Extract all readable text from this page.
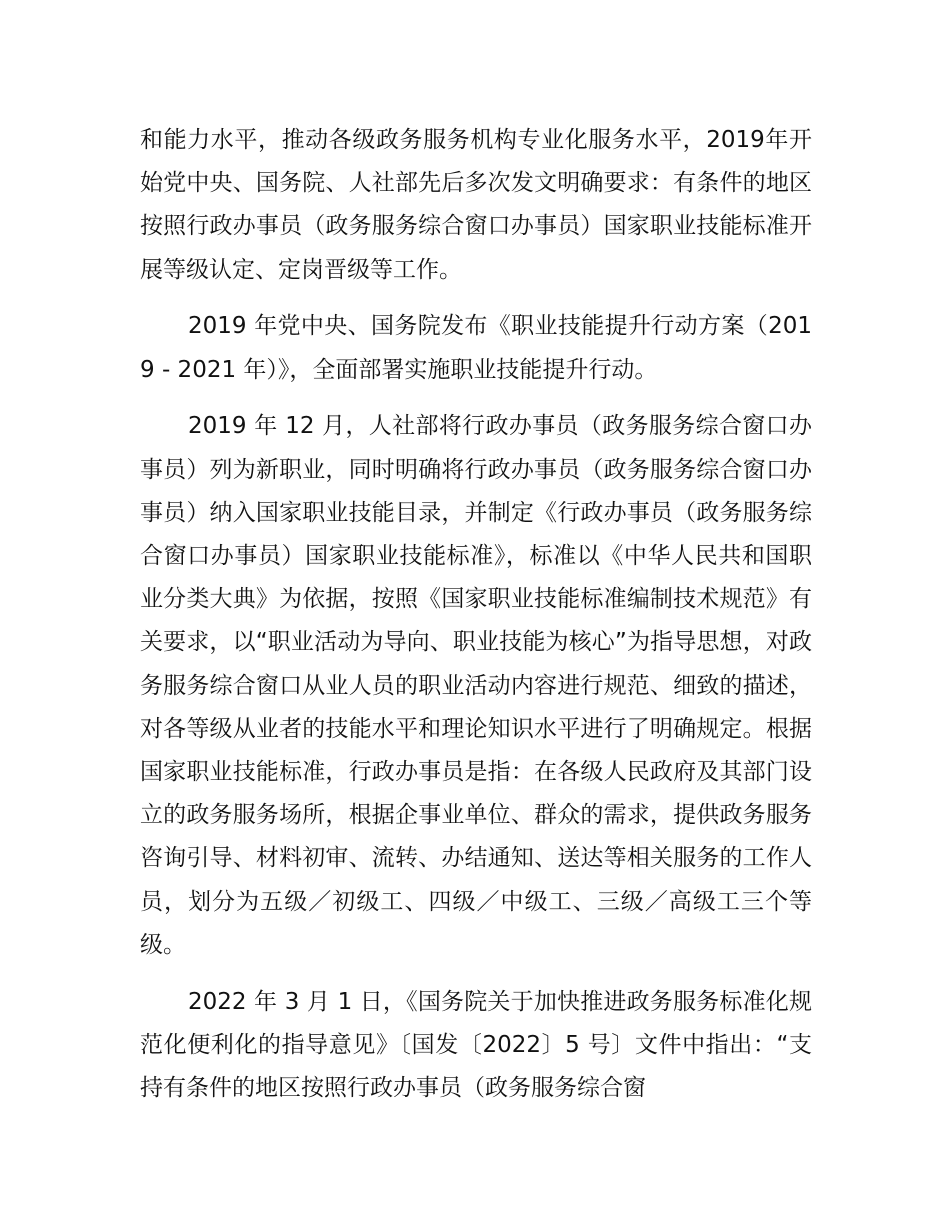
和能力水平，推动各级政务服务机构专业化服务水平，2019年开始党中央、国务院、人社部先后多次发文明确要求：有条件的地区按照行政办事员（政务服务综合窗口办事员）国家职业技能标准开展等级认定、定岗晋级等工作。

2019 年党中央、国务院发布《职业技能提升行动方案（2019 - 2021 年）》，全面部署实施职业技能提升行动。

2019 年 12 月，人社部将行政办事员（政务服务综合窗口办事员）列为新职业，同时明确将行政办事员（政务服务综合窗口办事员）纳入国家职业技能目录，并制定《行政办事员（政务服务综合窗口办事员）国家职业技能标准》，标准以《中华人民共和国职业分类大典》为依据，按照《国家职业技能标准编制技术规范》有关要求，以“职业活动为导向、职业技能为核心”为指导思想，对政务服务综合窗口从业人员的职业活动内容进行规范、细致的描述，对各等级从业者的技能水平和理论知识水平进行了明确规定。根据国家职业技能标准，行政办事员是指：在各级人民政府及其部门设立的政务服务场所，根据企事业单位、群众的需求，提供政务服务咨询引导、材料初审、流转、办结通知、送达等相关服务的工作人员，划分为五级／初级工、四级／中级工、三级／高级工三个等级。

2022 年 3 月 1 日，《国务院关于加快推进政务服务标准化规范化便利化的指导意见》〔国发〔2022〕5 号〕文件中指出：“支持有条件的地区按照行政办事员（政务服务综合窗
